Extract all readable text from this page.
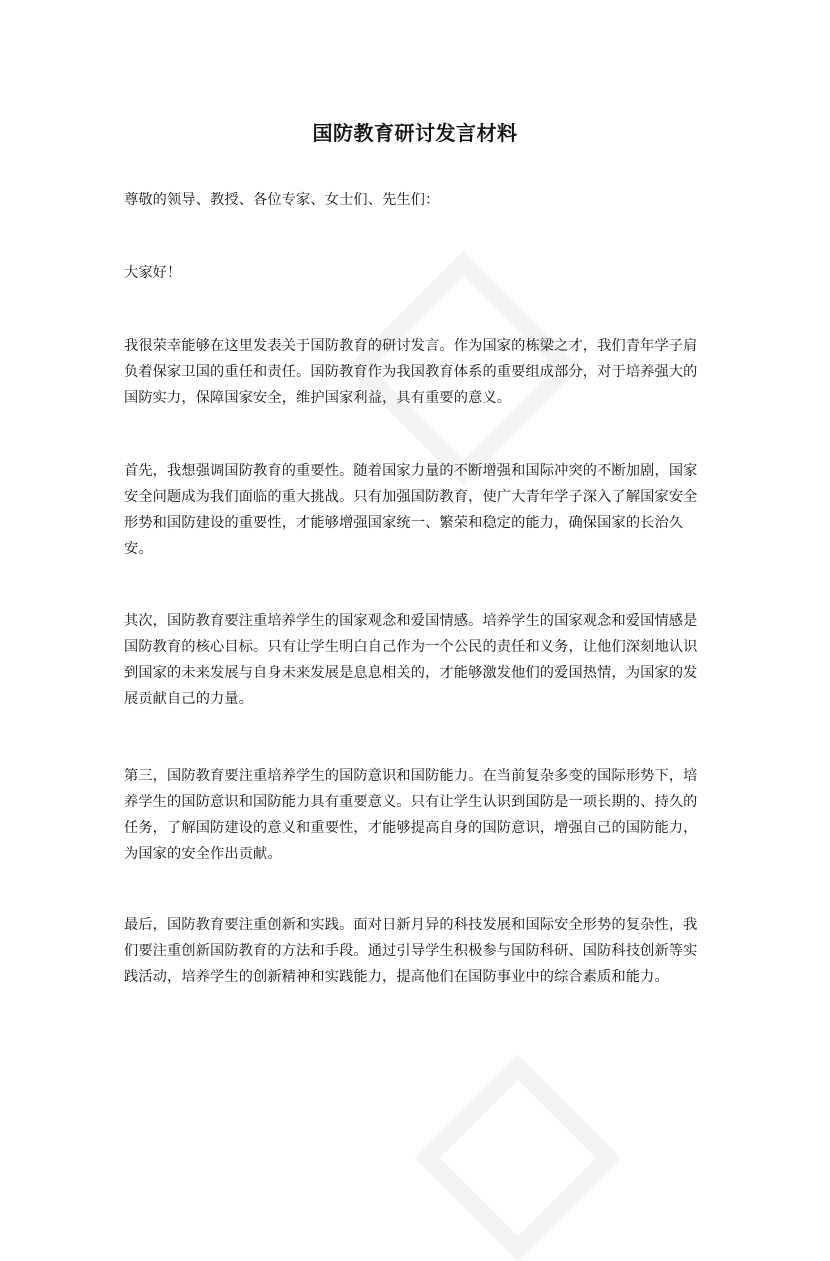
国防教育研讨发言材料

尊敬的领导、教授、各位专家、女士们、先生们：

大家好！

我很荣幸能够在这里发表关于国防教育的研讨发言。作为国家的栋梁之才，我们青年学子肩负着保家卫国的重任和责任。国防教育作为我国教育体系的重要组成部分，对于培养强大的国防实力，保障国家安全，维护国家利益，具有重要的意义。

首先，我想强调国防教育的重要性。随着国家力量的不断增强和国际冲突的不断加剧，国家安全问题成为我们面临的重大挑战。只有加强国防教育，使广大青年学子深入了解国家安全形势和国防建设的重要性，才能够增强国家统一、繁荣和稳定的能力，确保国家的长治久安。

其次，国防教育要注重培养学生的国家观念和爱国情感。培养学生的国家观念和爱国情感是国防教育的核心目标。只有让学生明白自己作为一个公民的责任和义务，让他们深刻地认识到国家的未来发展与自身未来发展是息息相关的，才能够激发他们的爱国热情，为国家的发展贡献自己的力量。

第三，国防教育要注重培养学生的国防意识和国防能力。在当前复杂多变的国际形势下，培养学生的国防意识和国防能力具有重要意义。只有让学生认识到国防是一项长期的、持久的任务，了解国防建设的意义和重要性，才能够提高自身的国防意识，增强自己的国防能力，为国家的安全作出贡献。

最后，国防教育要注重创新和实践。面对日新月异的科技发展和国际安全形势的复杂性，我们要注重创新国防教育的方法和手段。通过引导学生积极参与国防科研、国防科技创新等实践活动，培养学生的创新精神和实践能力，提高他们在国防事业中的综合素质和能力。
